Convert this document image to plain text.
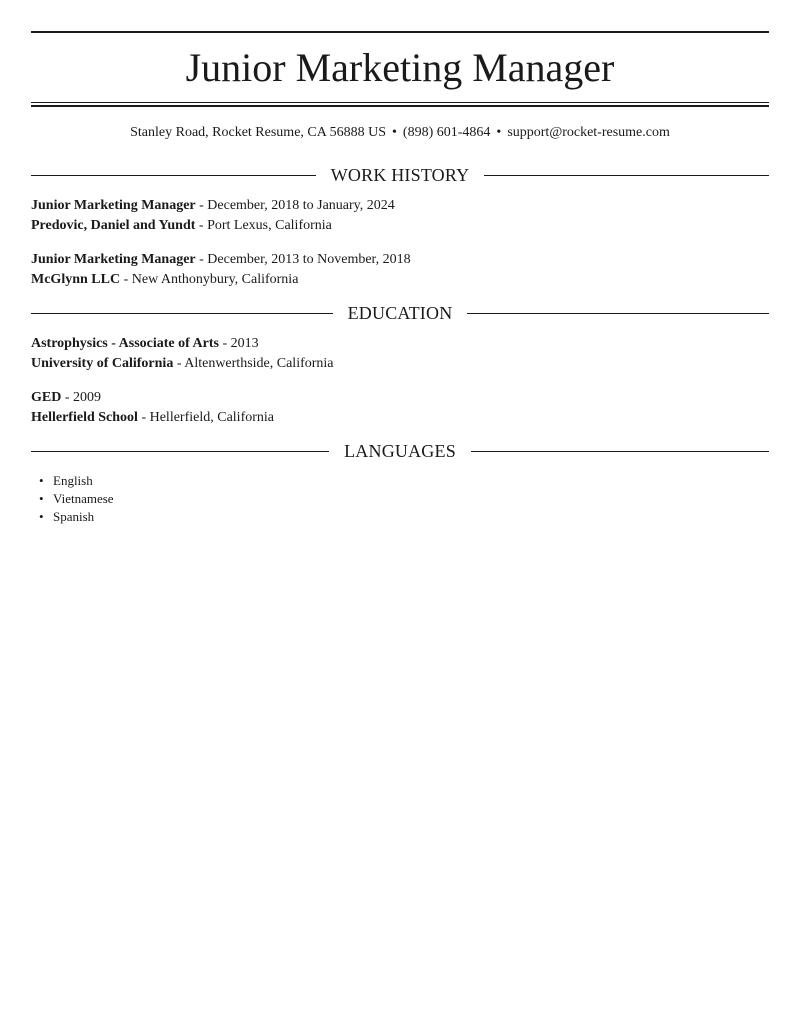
Junior Marketing Manager
Stanley Road, Rocket Resume, CA 56888 US • (898) 601-4864 • support@rocket-resume.com
WORK HISTORY
Junior Marketing Manager - December, 2018 to January, 2024
Predovic, Daniel and Yundt - Port Lexus, California
Junior Marketing Manager - December, 2013 to November, 2018
McGlynn LLC - New Anthonybury, California
EDUCATION
Astrophysics - Associate of Arts - 2013
University of California - Altenwerthside, California
GED - 2009
Hellerfield School - Hellerfield, California
LANGUAGES
• English
• Vietnamese
• Spanish
